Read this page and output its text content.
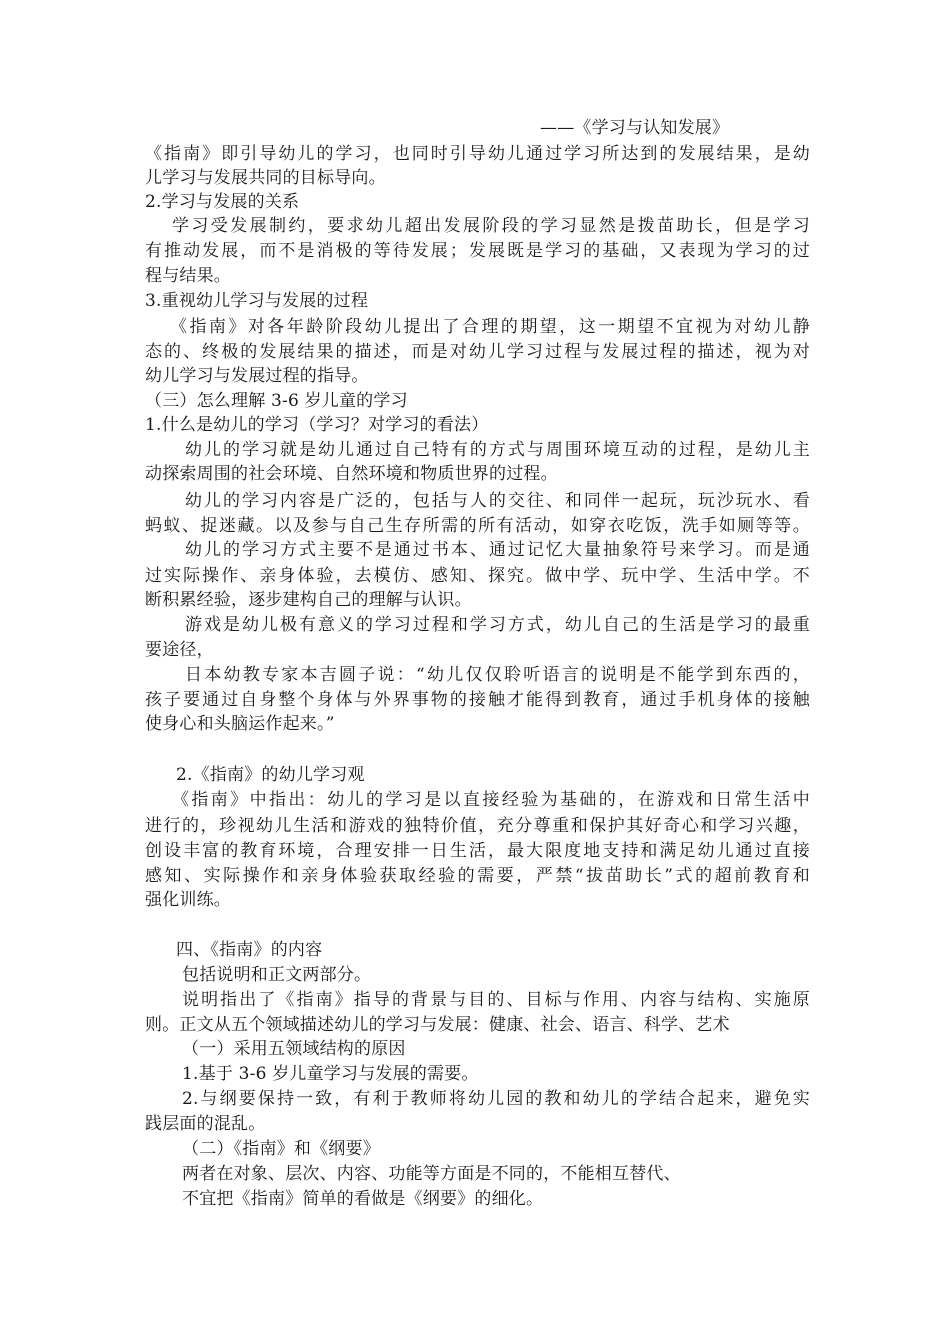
——《学习与认知发展》
《指南》即引导幼儿的学习，也同时引导幼儿通过学习所达到的发展结果，是幼
儿学习与发展共同的目标导向。
2.学习与发展的关系
学习受发展制约，要求幼儿超出发展阶段的学习显然是拨苗助长，但是学习
有推动发展，而不是消极的等待发展；发展既是学习的基础，又表现为学习的过
程与结果。
3.重视幼儿学习与发展的过程
《指南》对各年龄阶段幼儿提出了合理的期望，这一期望不宜视为对幼儿静
态的、终极的发展结果的描述，而是对幼儿学习过程与发展过程的描述，视为对
幼儿学习与发展过程的指导。
（三）怎么理解 3-6 岁儿童的学习
1.什么是幼儿的学习（学习？对学习的看法）
幼儿的学习就是幼儿通过自己特有的方式与周围环境互动的过程，是幼儿主
动探索周围的社会环境、自然环境和物质世界的过程。
幼儿的学习内容是广泛的，包括与人的交往、和同伴一起玩，玩沙玩水、看
蚂蚁、捉迷藏。以及参与自己生存所需的所有活动，如穿衣吃饭，洗手如厕等等。
幼儿的学习方式主要不是通过书本、通过记忆大量抽象符号来学习。而是通
过实际操作、亲身体验，去模仿、感知、探究。做中学、玩中学、生活中学。不
断积累经验，逐步建构自己的理解与认识。
游戏是幼儿极有意义的学习过程和学习方式，幼儿自己的生活是学习的最重
要途径，
日本幼教专家本吉圆子说：“幼儿仅仅聆听语言的说明是不能学到东西的，
孩子要通过自身整个身体与外界事物的接触才能得到教育，通过手机身体的接触
使身心和头脑运作起来。”
2.《指南》的幼儿学习观
《指南》中指出：幼儿的学习是以直接经验为基础的，在游戏和日常生活中
进行的，珍视幼儿生活和游戏的独特价值，充分尊重和保护其好奇心和学习兴趣，
创设丰富的教育环境，合理安排一日生活，最大限度地支持和满足幼儿通过直接
感知、实际操作和亲身体验获取经验的需要，严禁“拔苗助长”式的超前教育和
强化训练。
四、《指南》的内容
包括说明和正文两部分。
说明指出了《指南》指导的背景与目的、目标与作用、内容与结构、实施原
则。正文从五个领域描述幼儿的学习与发展：健康、社会、语言、科学、艺术
（一）采用五领域结构的原因
1.基于 3-6 岁儿童学习与发展的需要。
2.与纲要保持一致，有利于教师将幼儿园的教和幼儿的学结合起来，避免实
践层面的混乱。
（二）《指南》和《纲要》
两者在对象、层次、内容、功能等方面是不同的，不能相互替代、
不宜把《指南》简单的看做是《纲要》的细化。
